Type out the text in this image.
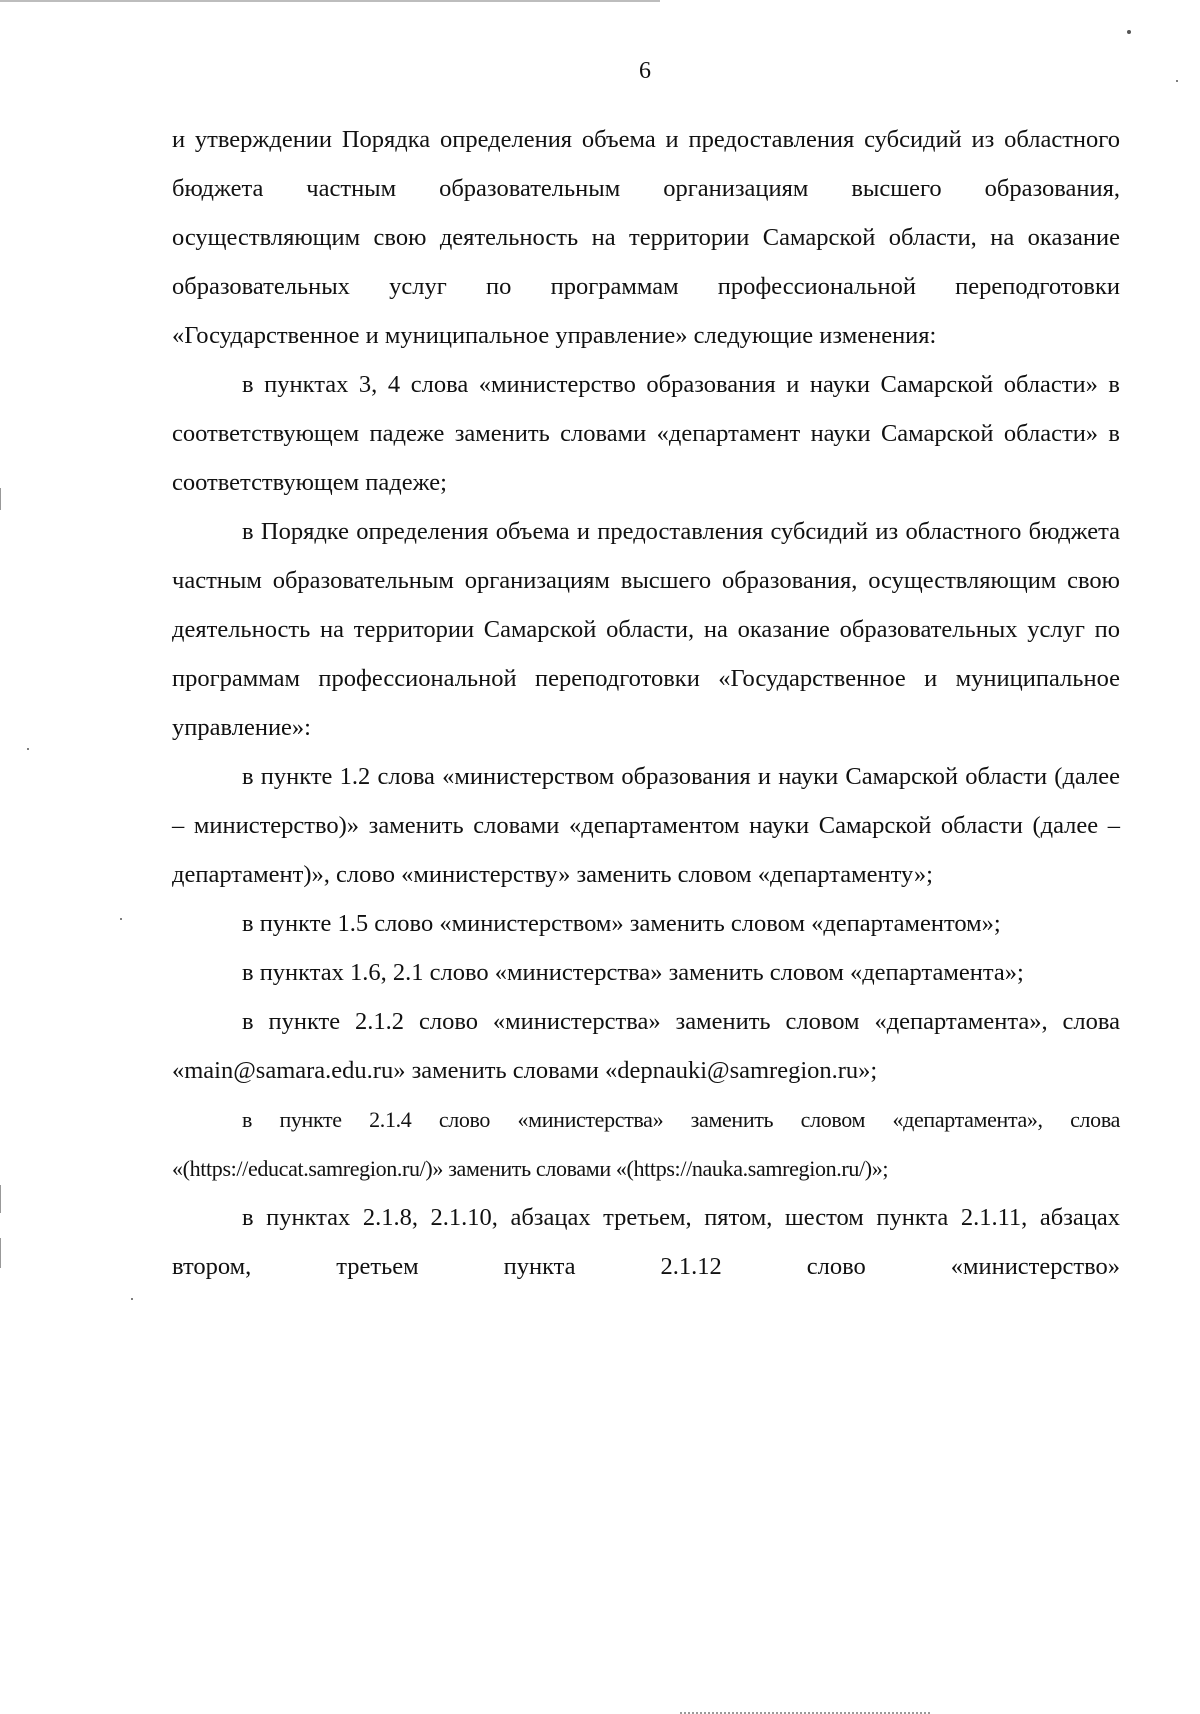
6

и утверждении Порядка определения объема и предоставления субсидий из областного бюджета частным образовательным организациям высшего образования, осуществляющим свою деятельность на территории Самарской области, на оказание образовательных услуг по программам профессиональной переподготовки «Государственное и муниципальное управление» следующие изменения:

в пунктах 3, 4 слова «министерство образования и науки Самарской области» в соответствующем падеже заменить словами «департамент науки Самарской области» в соответствующем падеже;

в Порядке определения объема и предоставления субсидий из областного бюджета частным образовательным организациям высшего образования, осуществляющим свою деятельность на территории Самарской области, на оказание образовательных услуг по программам профессиональной переподготовки «Государственное и муниципальное управление»:

в пункте 1.2 слова «министерством образования и науки Самарской области (далее – министерство)» заменить словами «департаментом науки Самарской области (далее – департамент)», слово «министерству» заменить словом «департаменту»;

в пункте 1.5 слово «министерством» заменить словом «департаментом»;

в пунктах 1.6, 2.1 слово «министерства» заменить словом «департамента»;

в пункте 2.1.2 слово «министерства» заменить словом «департамента», слова «main@samara.edu.ru» заменить словами «depnauki@samregion.ru»;

в пункте 2.1.4 слово «министерства» заменить словом «департамента», слова «(https://educat.samregion.ru/)» заменить словами «(https://nauka.samregion.ru/)»;

в пунктах 2.1.8, 2.1.10, абзацах третьем, пятом, шестом пункта 2.1.11, абзацах втором, третьем пункта 2.1.12 слово «министерство»
